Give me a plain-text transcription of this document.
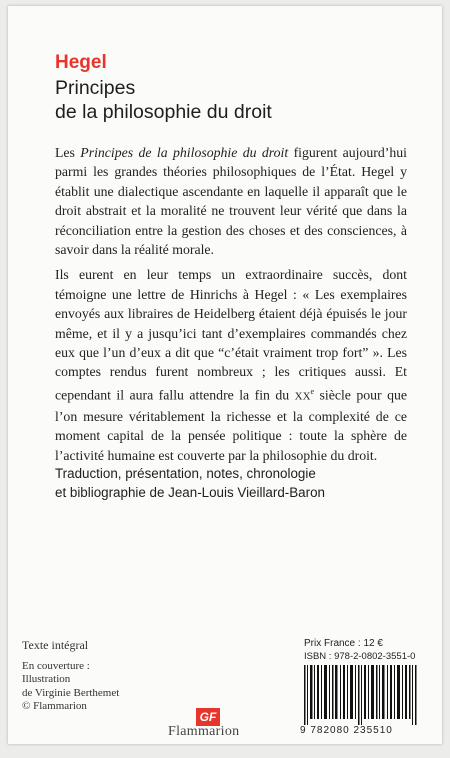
Hegel
Principes
de la philosophie du droit

Les Principes de la philosophie du droit figurent aujourd’hui parmi les grandes théories philosophiques de l’État. Hegel y établit une dialectique ascendante en laquelle il apparaît que le droit abstrait et la moralité ne trouvent leur vérité que dans la réconciliation entre la gestion des choses et des consciences, à savoir dans la réalité morale.

Ils eurent en leur temps un extraordinaire succès, dont témoigne une lettre de Hinrichs à Hegel : « Les exemplaires envoyés aux libraires de Heidelberg étaient déjà épuisés le jour même, et il y a jusqu’ici tant d’exemplaires commandés chez eux que l’un d’eux a dit que “c’était vraiment trop fort” ». Les comptes rendus furent nombreux ; les critiques aussi. Et cependant il aura fallu attendre la fin du XXe siècle pour que l’on mesure véritablement la richesse et la complexité de ce moment capital de la pensée politique : toute la sphère de l’activité humaine est couverte par la philosophie du droit.

Traduction, présentation, notes, chronologie
et bibliographie de Jean-Louis Vieillard-Baron
Texte intégral
En couverture :
Illustration
de Virginie Berthemet
© Flammarion
GF
Flammarion
Prix France : 12 €
ISBN : 978-2-0802-3551-0
9 782080 235510
